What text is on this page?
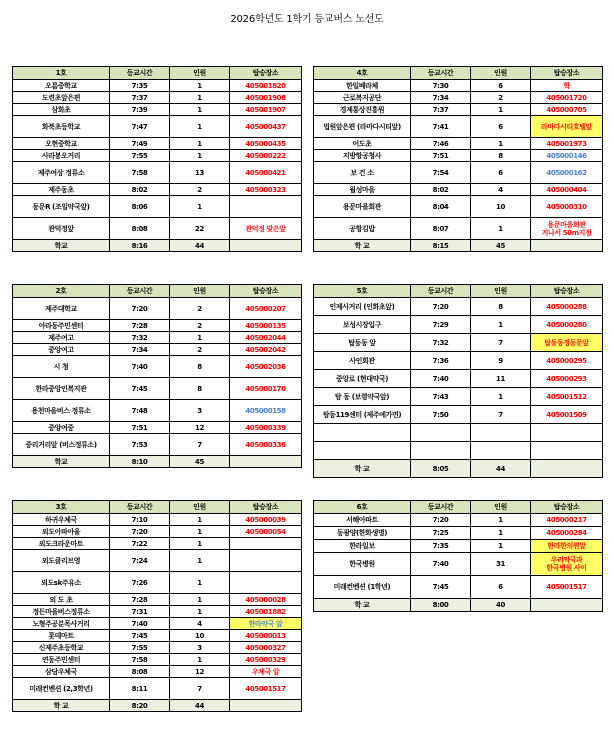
2026학년도 1학기 등교버스 노선도
1호	등교시간	인원	탑승장소
오름중학교	7:35	1	405001820
도련초앞은편	7:37	1	405001908
삼화초	7:39	1	405001907
화북초등학교	7:47	1	405000437
오현중학교	7:49	1	405000435
사라봉오거리	7:55	1	405000222
제주여상 정류소	7:58	13	405000421
제주동초	8:02	2	405000323
동문R (조일약국앞)	8:06	1	
관덕정앞	8:08	22	관덕정 맞은앞
학교	8:16	44	
4호	등교시간	인원	탑승장소
한일베라체	7:30	6	학
근로복지공단	7:34	2	405001720
경제통상진흥원	7:37	1	405000705
법원앞은편 (라마다시티앞)	7:41	6	라마다시티호텔앞
어도초	7:46	1	405001973
지방항공청사	7:51	8	405000146
보 건 소	7:54	6	405000162
월성마을	8:02	4	405000404
용문마을회관	8:04	10	405000310
공항김밥	8:07	1	용문마을회관
지나서 50m지점
학 교	8:15	45	
2호	등교시간	인원	탑승장소
제주대학교	7:20	2	405000207
아라동주민센터	7:28	2	405000135
제주여고	7:32	1	405002044
중앙여고	7:34	2	405002042
시 청	7:40	8	405002036
한라중앙인복지관	7:45	8	405000170
용천마을버스 정류소	7:48	3	405000158
중앙여중	7:51	12	405000339
중리거리앞 (버스정류소)	7:53	7	405000336
학교	8:10	45	
5호	등교시간	인원	탑승장소
인제사거리 (인화초앞)	7:20	8	405000288
보성시장입구	7:29	1	405000280
탑동동 앞	7:32	7	탑동동정동문앞
사인회관	7:36	9	405000295
중앙로 (현대약국)	7:40	11	405000293
탐 동 (보령약국앞)	7:43	1	405001512
탐동119센터 (제주에가면)	7:50	7	405001509

학 교	8:05	44	
3호	등교시간	인원	탑승장소
하귀우체국	7:10	1	405000039
외도아파아울	7:20	1	405000054
외도크라운마트	7:22	1	
외도클리브영	7:24	1	
외도sk주유소	7:26	1	
외 도 초	7:28	1	405000028
정든마을버스정류소	7:31	1	405001882
노형주공분목사거리	7:40	4	한라약국 앞
롯데마트	7:45	10	405000013
신제주초등학교	7:55	3	405000327
연동주민센터	7:58	1	405000329
삼담우체국	8:08	12	우체국 앞
미래컨벤션 (2,3학년)	8:11	7	405001517
학 교	8:20	44	
6호	등교시간	인원	탑승장소
서해아파트	7:20	1	405000217
동광양(한화생명)	7:25	1	405000284
한라일보	7:35	1	한라한의원앞
한국병원	7:40	31	우리약국과
한국병원 사이
미래컨벤션 (1학년)	7:45	6	405001517
학 교	8:00	40	
